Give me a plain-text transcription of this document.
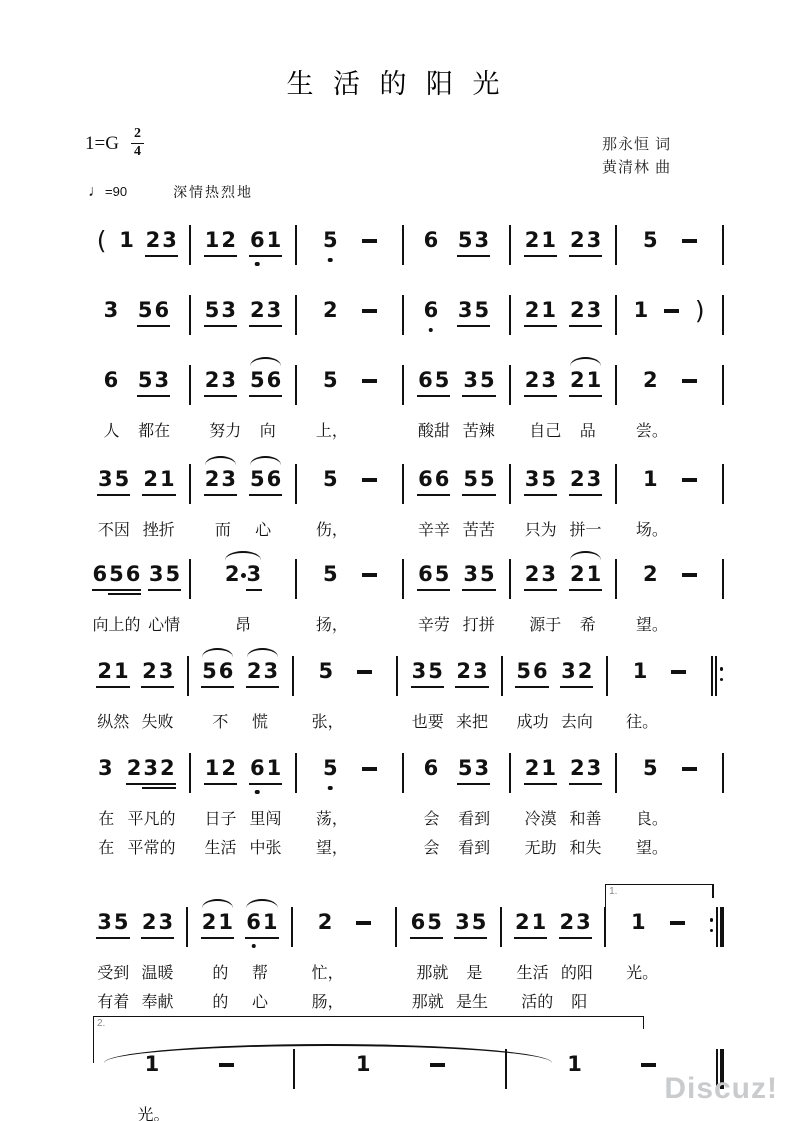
生 活 的 阳 光
$1=G \frac{2}{4}$	那永恒 词
黄清林 曲
♩=90	深情热烈地
( 1 2 3 1 2 6 1 5	6 5 3 2 1 2 3 5
3 5 6 5 3 2 3 2	6 3 5 2 1 2 3 1 )
6 5 3 2 3 5 6 5	6 5 3 5 2 3 2 1 2
人 都在 努力 向	上，	酸甜 苦辣 自己 品	尝。
3 5 2 1 2 3 5 6 5	6 6 5 5 3 5 2 3 1
不因 挫折	而 心	伤，	辛辛 苦苦 只为 拼一 场。
6 5 6 3 5 2 3	5	6 5 3 5 2 3 2 1 2
向上的 心情	昂	扬，	辛劳 打拼 源于 希	望。
2 1 2 3 5 6 2 3 5	3 5 2 3 5 6 3 2 1
纵然 失败 不 慌	张，	也要 来把 成功 去向 往。
3 2 3 2 1 2 6 1 5	6 5 3 2 1 2 3 5
在 平凡的 日子 里闯 荡，	会 看到 冷漠 和善 良。
在 平常的 生活 中张 望，	会 看到 无助 和失 望。
3 5 2 3 2 1 6 1 2	6 5 3 5 2 1 2 3
1.
1
受到 温暖 的 帮	忙，	那就 是 生活 的阳 光。
有着 奉献 的 心	肠，	那就 是生 活的 阳
2.
1	1	1
光。
Discuz!
